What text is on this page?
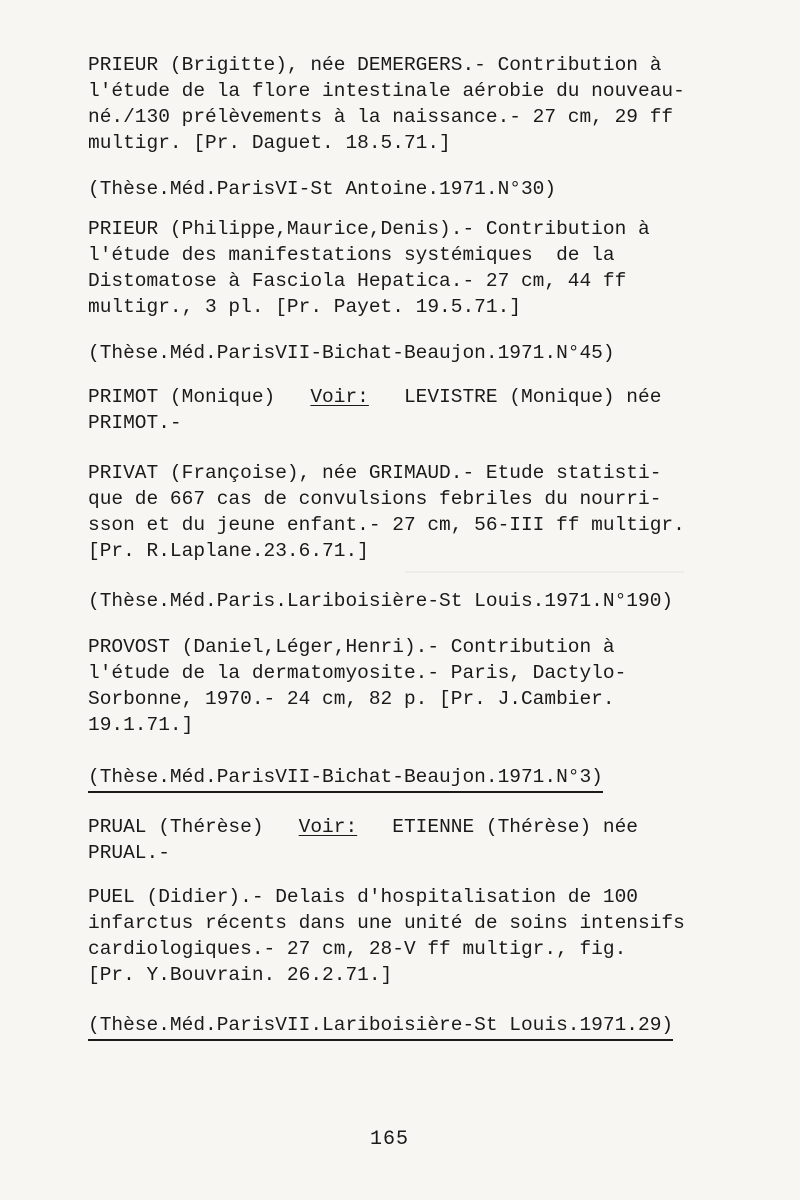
———————————————————————————————

PRIEUR (Brigitte), née DEMERGERS.- Contribution à
l'étude de la flore intestinale aérobie du nouveau-
né./130 prélèvements à la naissance.- 27 cm, 29 ff
multigr. [Pr. Daguet. 18.5.71.]
(Thèse.Méd.ParisVI-St Antoine.1971.N°30)
PRIEUR (Philippe,Maurice,Denis).- Contribution à
l'étude des manifestations systémiques  de la
Distomatose à Fasciola Hepatica.- 27 cm, 44 ff
multigr., 3 pl. [Pr. Payet. 19.5.71.]
(Thèse.Méd.ParisVII-Bichat-Beaujon.1971.N°45)
PRIMOT (Monique) Voir: LEVISTRE (Monique) née
PRIMOT.-
PRIVAT (Françoise), née GRIMAUD.- Etude statisti-
que de 667 cas de convulsions febriles du nourri-
sson et du jeune enfant.- 27 cm, 56-III ff multigr.
[Pr. R.Laplane.23.6.71.]
(Thèse.Méd.Paris.Lariboisière-St Louis.1971.N°190)
PROVOST (Daniel,Léger,Henri).- Contribution à
l'étude de la dermatomyosite.- Paris, Dactylo-
Sorbonne, 1970.- 24 cm, 82 p. [Pr. J.Cambier.
19.1.71.]
(Thèse.Méd.ParisVII-Bichat-Beaujon.1971.N°3)
PRUAL (Thérèse) Voir: ETIENNE (Thérèse) née
PRUAL.-
PUEL (Didier).- Delais d'hospitalisation de 100
infarctus récents dans une unité de soins intensifs
cardiologiques.- 27 cm, 28-V ff multigr., fig.
[Pr. Y.Bouvrain. 26.2.71.]
(Thèse.Méd.ParisVII.Lariboisière-St Louis.1971.29)
165
